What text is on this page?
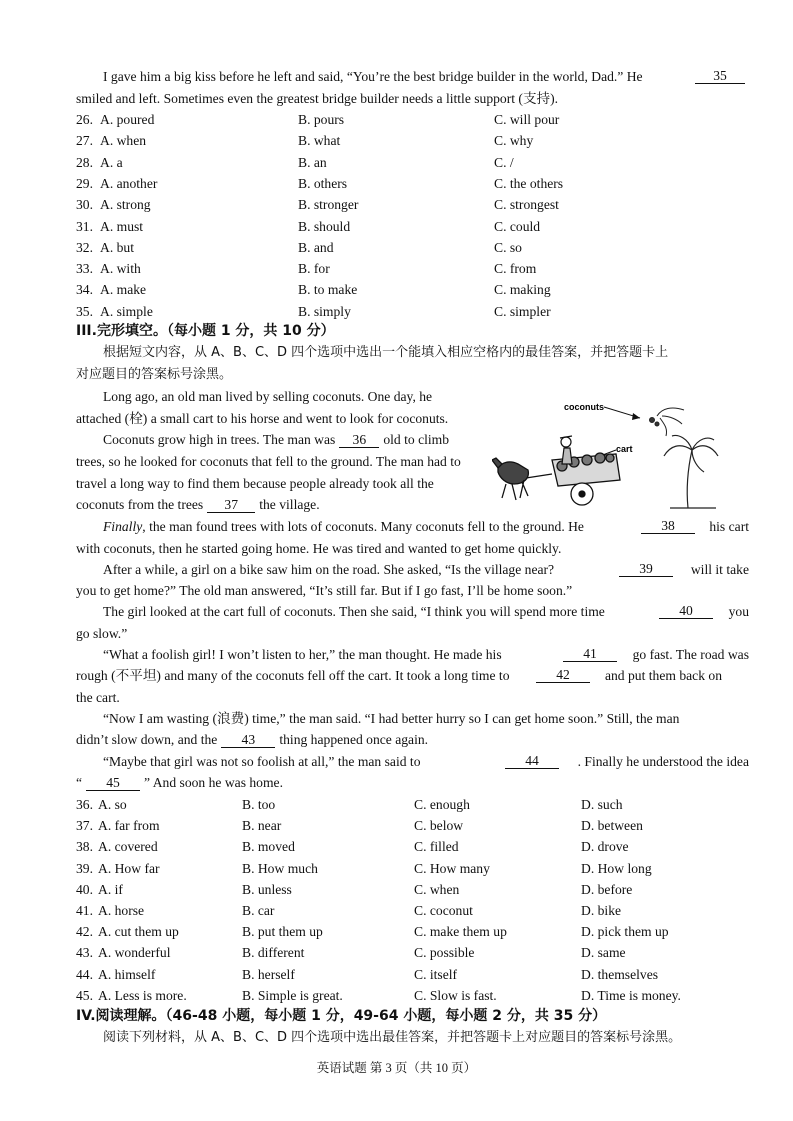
I gave him a big kiss before he left and said, “You’re the best bridge builder in the world, Dad.” He	35
smiled and left. Sometimes even the greatest bridge builder needs a little support (支持).
26. A. poured	B. pours	C. will pour
27. A. when	B. what	C. why
28. A. a	B. an	C. /
29. A. another	B. others	C. the others
30. A. strong	B. stronger	C. strongest
31. A. must	B. should	C. could
32. A. but	B. and	C. so
33. A. with	B. for	C. from
34. A. make	B. to make	C. making
35. A. simple	B. simply	C. simpler
III.完形填空。（每小题 1 分，共 10 分）
根据短文内容，从 A、B、C、D 四个选项中选出一个能填入相应空格内的最佳答案，并把答题卡上
对应题目的答案标号涂黑。
Long ago, an old man lived by selling coconuts. One day, he
attached (栓) a small cart to his horse and went to look for coconuts.
Coconuts grow high in trees. The man was 36 old to climb
trees, so he looked for coconuts that fell to the ground. The man had to
travel a long way to find them because people already took all the
coconuts from the trees 37 the village.
coconuts
cart
Finally, the man found trees with lots of coconuts. Many coconuts fell to the ground. He	38	his cart
with coconuts, then he started going home. He was tired and wanted to get home quickly.
After a while, a girl on a bike saw him on the road. She asked, “Is the village near?	39	will it take
you to get home?” The old man answered, “It’s still far. But if I go fast, I’ll be home soon.”
The girl looked at the cart full of coconuts. Then she said, “I think you will spend more time	40	you
go slow.”
“What a foolish girl! I won’t listen to her,” the man thought. He made his	41	go fast. The road was
rough (不平坦) and many of the coconuts fell off the cart. It took a long time to	42	and put them back on
the cart.
“Now I am wasting (浪费) time,” the man said. “I had better hurry so I can get home soon.” Still, the man
didn’t slow down, and the 43 thing happened once again.
“Maybe that girl was not so foolish at all,” the man said to	44	. Finally he understood the idea
“ 45 ” And soon he was home.
36. A. so	B. too	C. enough	D. such
37. A. far from	B. near	C. below	D. between
38. A. covered	B. moved	C. filled	D. drove
39. A. How far	B. How much	C. How many	D. How long
40. A. if	B. unless	C. when	D. before
41. A. horse	B. car	C. coconut	D. bike
42. A. cut them up	B. put them up	C. make them up	D. pick them up
43. A. wonderful	B. different	C. possible	D. same
44. A. himself	B. herself	C. itself	D. themselves
45. A. Less is more.	B. Simple is great.	C. Slow is fast.	D. Time is money.
IV.阅读理解。（46-48 小题，每小题 1 分，49-64 小题，每小题 2 分，共 35 分）
阅读下列材料，从 A、B、C、D 四个选项中选出最佳答案，并把答题卡上对应题目的答案标号涂黑。
英语试题 第 3 页（共 10 页）
